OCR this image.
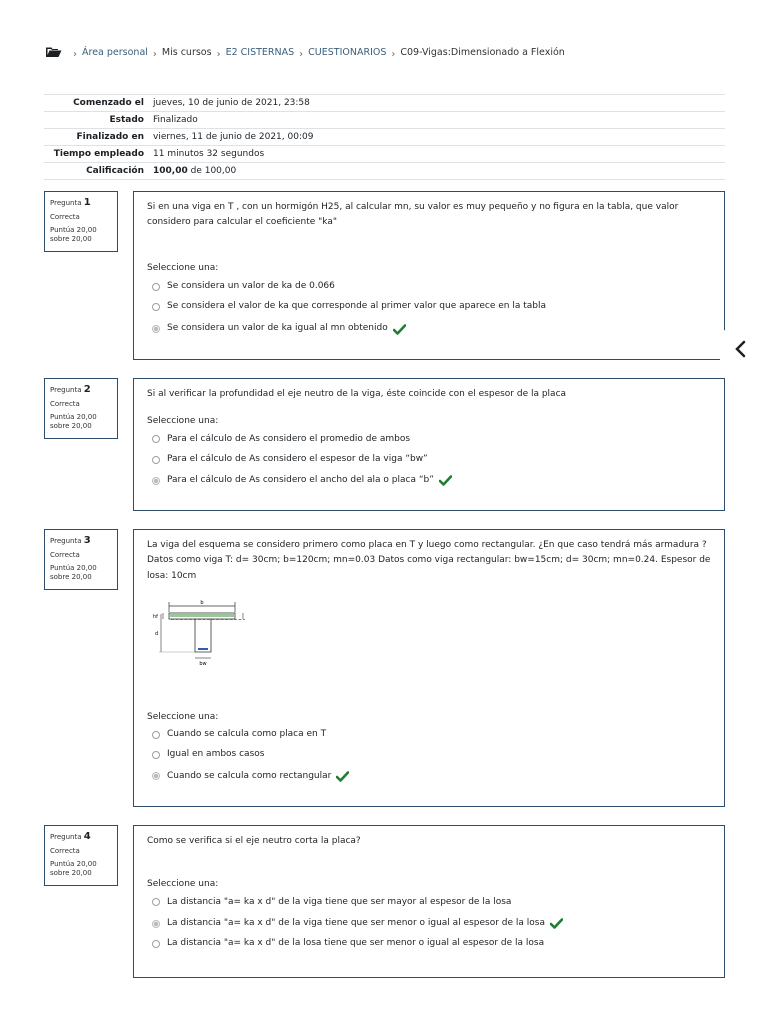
› Área personal › Mis cursos › E2 CISTERNAS › CUESTIONARIOS › C09-Vigas:Dimensionado a Flexión
Comenzado el	jueves, 10 de junio de 2021, 23:58
Estado	Finalizado
Finalizado en	viernes, 11 de junio de 2021, 00:09
Tiempo empleado	11 minutos 32 segundos
Calificación	100,00 de 100,00
Pregunta 1
Correcta
Puntúa 20,00 sobre 20,00

Si en una viga en T , con un hormigón H25, al calcular mn, su valor es muy pequeño y no figura en la tabla, que valor considero para calcular el coeficiente "ka"

Seleccione una:
Se considera un valor de ka de 0.066
Se considera el valor de ka que corresponde al primer valor que aparece en la tabla
Se considera un valor de ka igual al mn obtenido
Pregunta 2
Correcta
Puntúa 20,00 sobre 20,00

Si al verificar la profundidad el eje neutro de la viga, éste coincide con el espesor de la placa

Seleccione una:
Para el cálculo de As considero el promedio de ambos
Para el cálculo de As considero el espesor de la viga “bw”
Para el cálculo de As considero el ancho del ala o placa “b”
Pregunta 3
Correcta
Puntúa 20,00 sobre 20,00

La viga del esquema se considero primero como placa en T y luego como rectangular. ¿En que caso tendrá más armadura ? Datos como viga T: d= 30cm; b=120cm; mn=0.03 Datos como viga rectangular: bw=15cm; d= 30cm; mn=0.24. Espesor de losa: 10cm

b
hf
d
bw
Seleccione una:
Cuando se calcula como placa en T
Igual en ambos casos
Cuando se calcula como rectangular
Pregunta 4
Correcta
Puntúa 20,00 sobre 20,00

Como se verifica si el eje neutro corta la placa?

Seleccione una:
La distancia "a= ka x d" de la viga tiene que ser mayor al espesor de la losa
La distancia "a= ka x d" de la viga tiene que ser menor o igual al espesor de la losa
La distancia "a= ka x d" de la losa tiene que ser menor o igual al espesor de la losa
